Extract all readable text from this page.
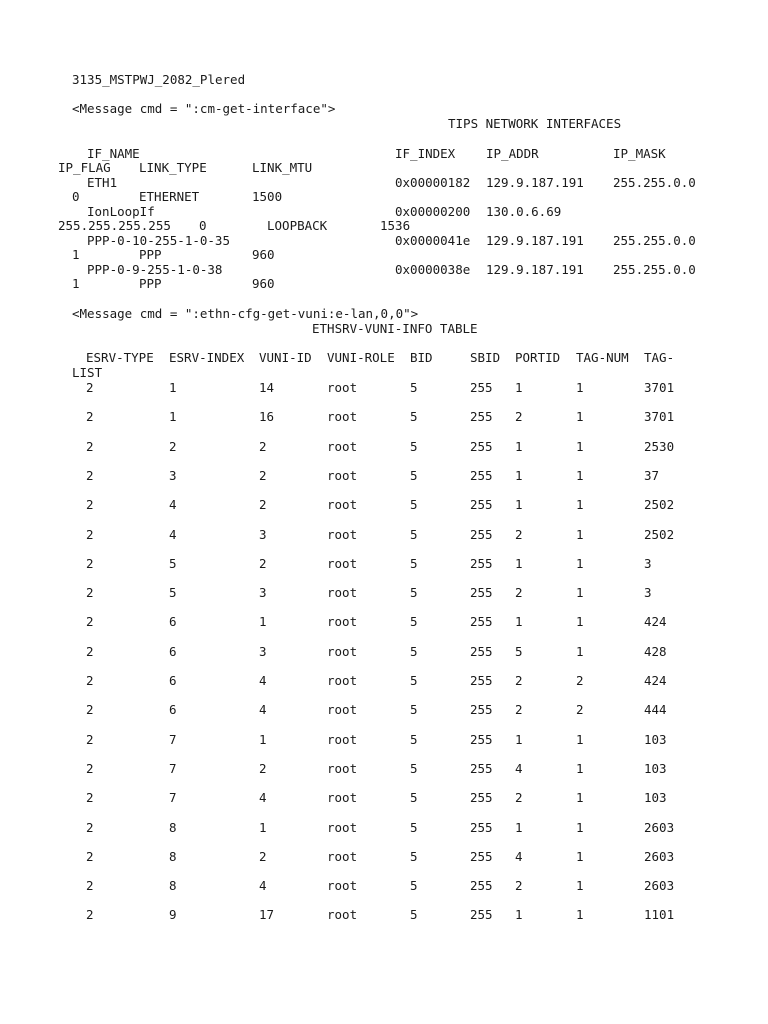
3135_MSTPWJ_2082_Plered
<Message cmd = ":cm-get-interface">
TIPS NETWORK INTERFACES
IF_NAME	IF_INDEX IP_ADDR	IP_MASK
IP_FLAG LINK_TYPE	LINK_MTU
ETH1	0x00000182 129.9.187.191 255.255.0.0
0	ETHERNET	1500
IonLoopIf	0x00000200 130.0.6.69
255.255.255.255 0	LOOPBACK	1536
PPP-0-10-255-1-0-35	0x0000041e 129.9.187.191 255.255.0.0
1	PPP	960
PPP-0-9-255-1-0-38	0x0000038e 129.9.187.191 255.255.0.0
1	PPP	960
<Message cmd = ":ethn-cfg-get-vuni:e-lan,0,0">
ETHSRV-VUNI-INFO TABLE
ESRV-TYPE ESRV-INDEX VUNI-ID VUNI-ROLE BID	SBID PORTID TAG-NUM TAG-
LIST
2	1	14	root	5	255 1	1	3701
2	1	16	root	5	255 2	1	3701
2	2	2	root	5	255 1	1	2530
2	3	2	root	5	255 1	1	37
2	4	2	root	5	255 1	1	2502
2	4	3	root	5	255 2	1	2502
2	5	2	root	5	255 1	1	3
2	5	3	root	5	255 2	1	3
2	6	1	root	5	255 1	1	424
2	6	3	root	5	255 5	1	428
2	6	4	root	5	255 2	2	424
2	6	4	root	5	255 2	2	444
2	7	1	root	5	255 1	1	103
2	7	2	root	5	255 4	1	103
2	7	4	root	5	255 2	1	103
2	8	1	root	5	255 1	1	2603
2	8	2	root	5	255 4	1	2603
2	8	4	root	5	255 2	1	2603
2	9	17	root	5	255 1	1	1101
